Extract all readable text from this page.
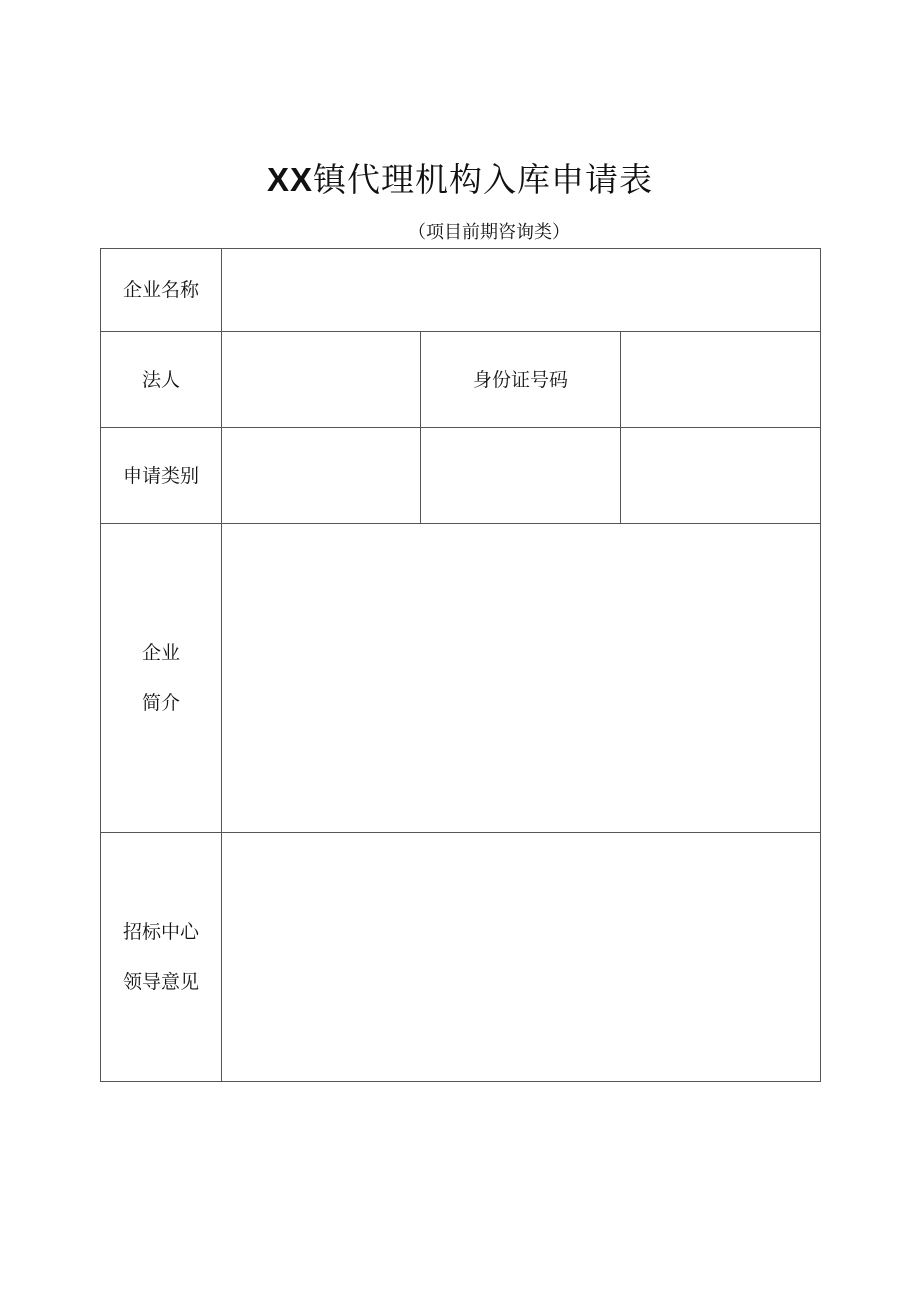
XX镇代理机构入库申请表
（项目前期咨询类）
企业名称			
法人		身份证号码	
申请类别			

企业
简介			

招标中心
领导意见			
